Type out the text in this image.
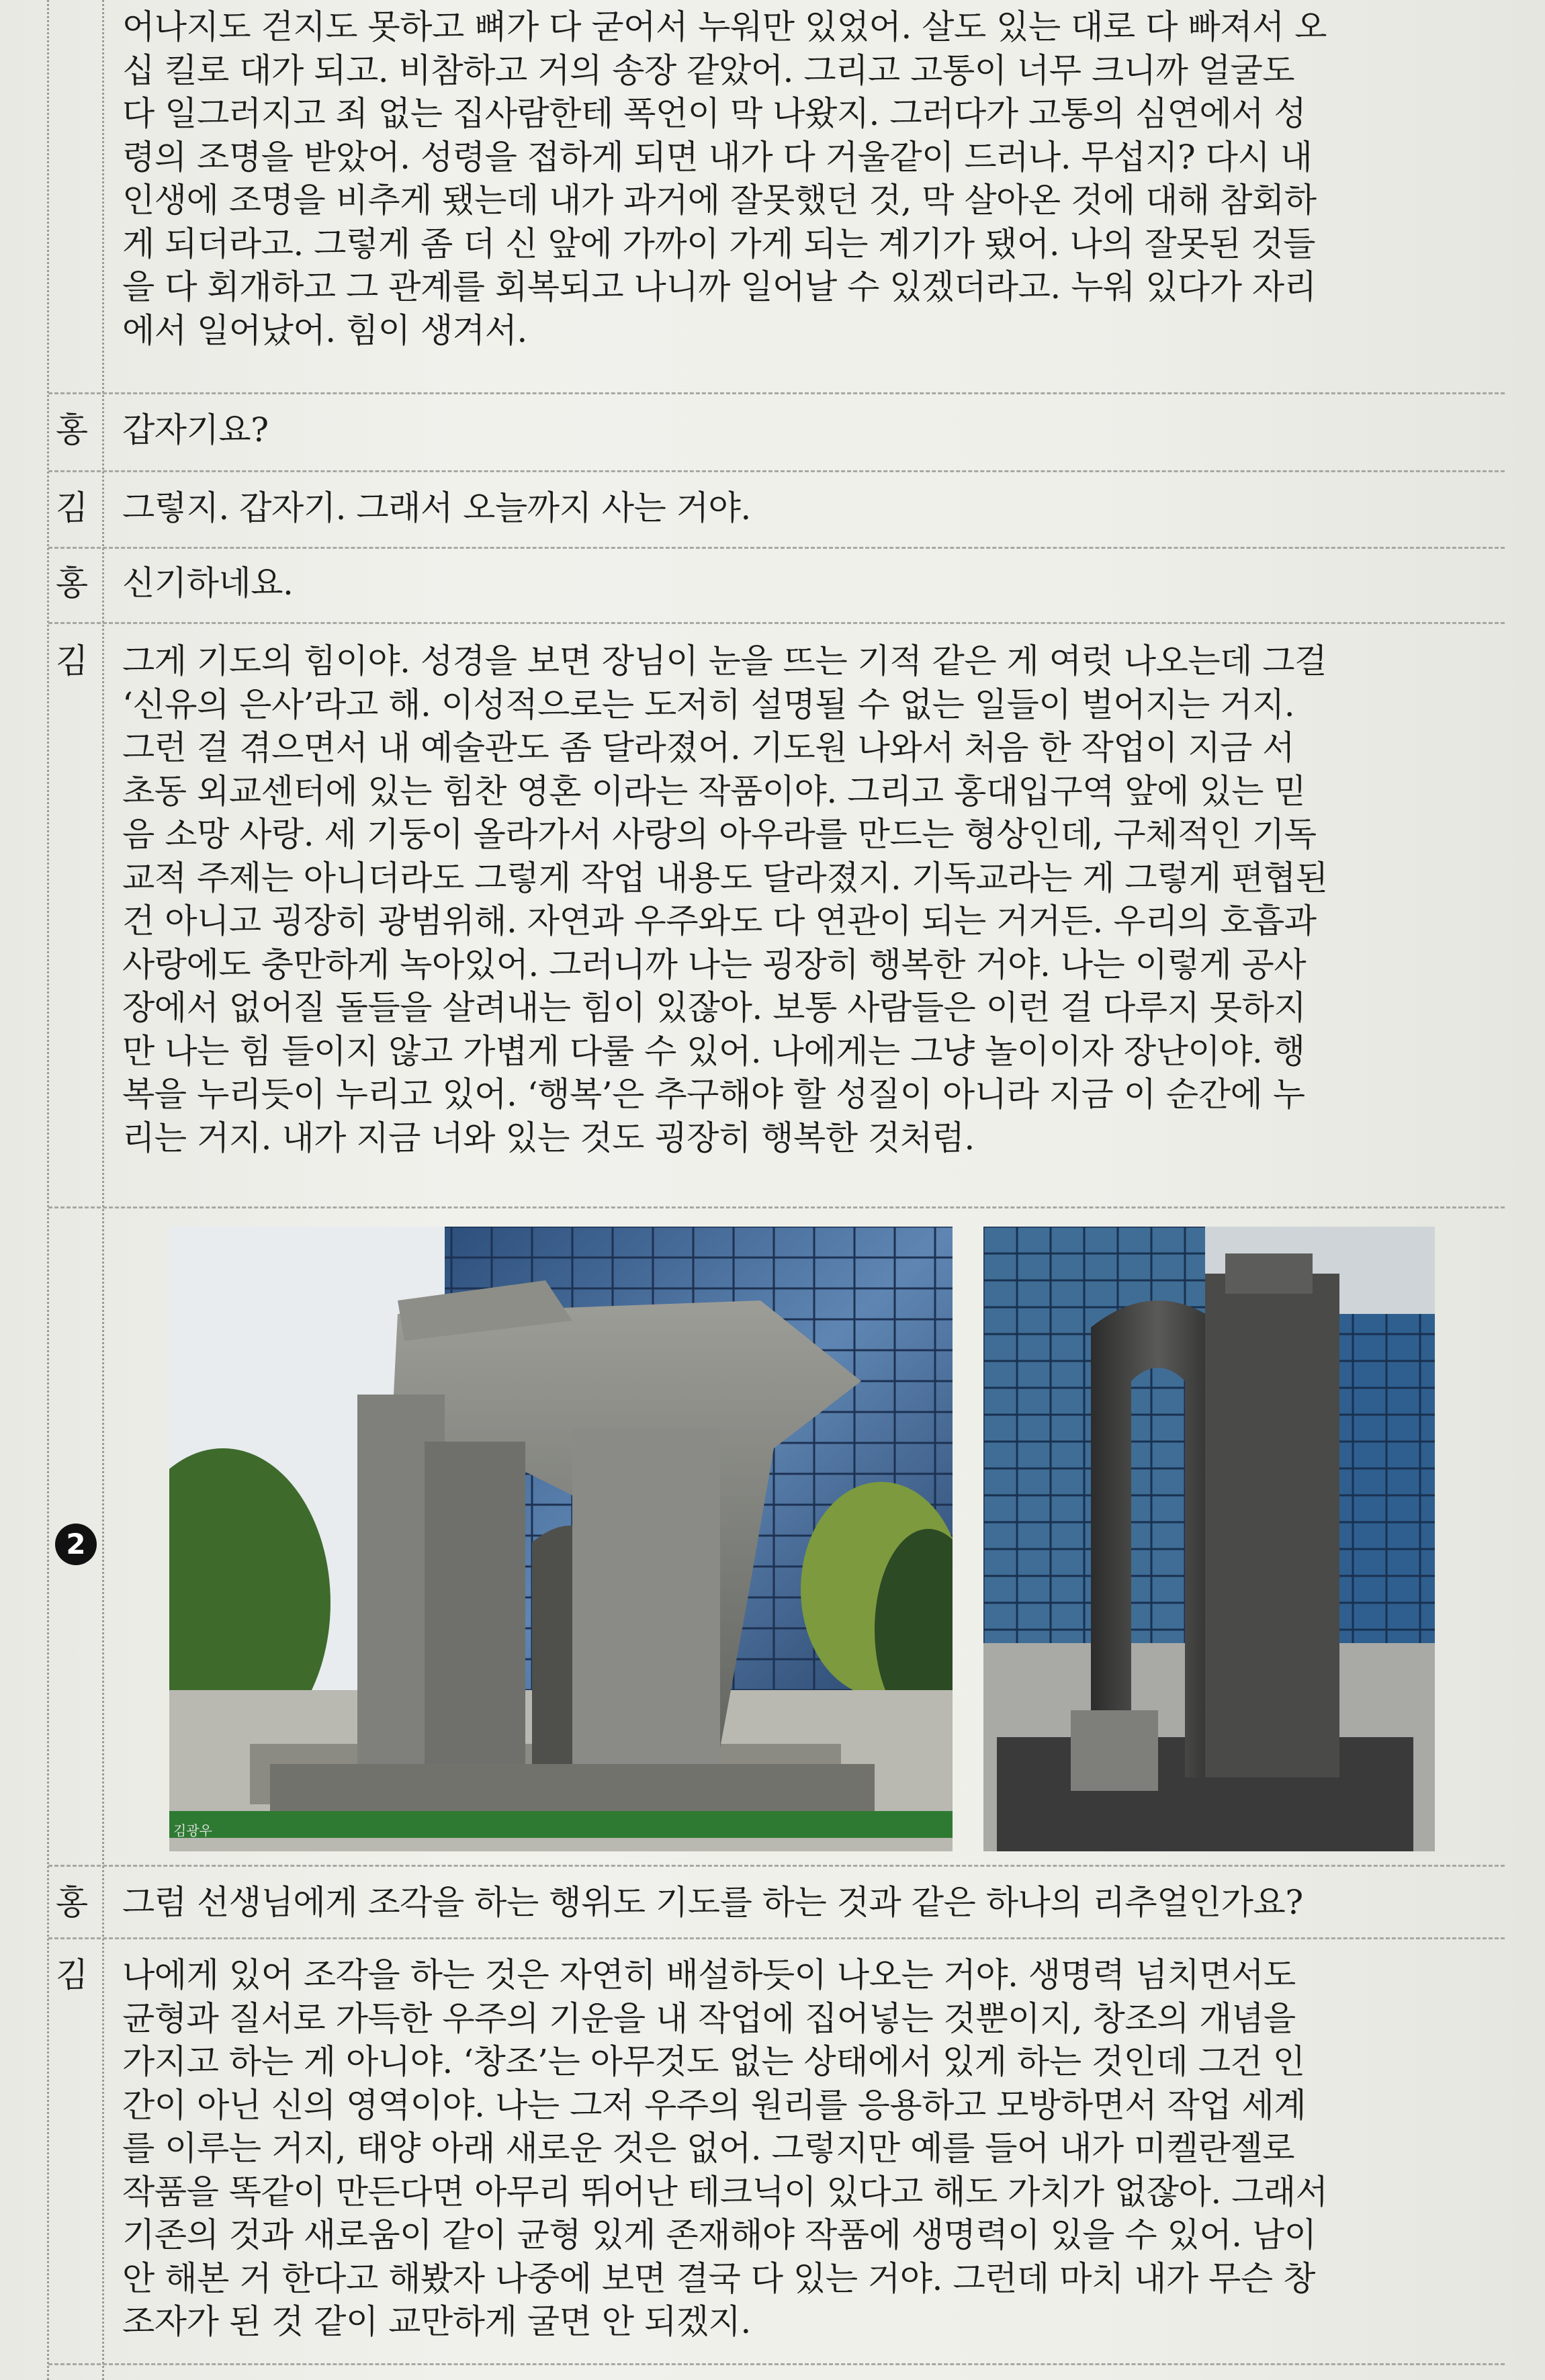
어나지도 걷지도 못하고 뼈가 다 굳어서 누워만 있었어. 살도 있는 대로 다 빠져서 오
십 킬로 대가 되고. 비참하고 거의 송장 같았어. 그리고 고통이 너무 크니까 얼굴도
다 일그러지고 죄 없는 집사람한테 폭언이 막 나왔지. 그러다가 고통의 심연에서 성
령의 조명을 받았어. 성령을 접하게 되면 내가 다 거울같이 드러나. 무섭지? 다시 내
인생에 조명을 비추게 됐는데 내가 과거에 잘못했던 것, 막 살아온 것에 대해 참회하
게 되더라고. 그렇게 좀 더 신 앞에 가까이 가게 되는 계기가 됐어. 나의 잘못된 것들
을 다 회개하고 그 관계를 회복되고 나니까 일어날 수 있겠더라고. 누워 있다가 자리
에서 일어났어. 힘이 생겨서.
홍 갑자기요?
김 그렇지. 갑자기. 그래서 오늘까지 사는 거야.
홍 신기하네요.
김 그게 기도의 힘이야. 성경을 보면 장님이 눈을 뜨는 기적 같은 게 여럿 나오는데 그걸
‘신유의 은사’라고 해. 이성적으로는 도저히 설명될 수 없는 일들이 벌어지는 거지.
그런 걸 겪으면서 내 예술관도 좀 달라졌어. 기도원 나와서 처음 한 작업이 지금 서
초동 외교센터에 있는 힘찬 영혼 이라는 작품이야. 그리고 홍대입구역 앞에 있는 믿
음 소망 사랑. 세 기둥이 올라가서 사랑의 아우라를 만드는 형상인데, 구체적인 기독
교적 주제는 아니더라도 그렇게 작업 내용도 달라졌지. 기독교라는 게 그렇게 편협된
건 아니고 굉장히 광범위해. 자연과 우주와도 다 연관이 되는 거거든. 우리의 호흡과
사랑에도 충만하게 녹아있어. 그러니까 나는 굉장히 행복한 거야. 나는 이렇게 공사
장에서 없어질 돌들을 살려내는 힘이 있잖아. 보통 사람들은 이런 걸 다루지 못하지
만 나는 힘 들이지 않고 가볍게 다룰 수 있어. 나에게는 그냥 놀이이자 장난이야. 행
복을 누리듯이 누리고 있어. ‘행복’은 추구해야 할 성질이 아니라 지금 이 순간에 누
리는 거지. 내가 지금 너와 있는 것도 굉장히 행복한 것처럼.
2
김광우
홍 그럼 선생님에게 조각을 하는 행위도 기도를 하는 것과 같은 하나의 리추얼인가요?
김 나에게 있어 조각을 하는 것은 자연히 배설하듯이 나오는 거야. 생명력 넘치면서도
균형과 질서로 가득한 우주의 기운을 내 작업에 집어넣는 것뿐이지, 창조의 개념을
가지고 하는 게 아니야. ‘창조’는 아무것도 없는 상태에서 있게 하는 것인데 그건 인
간이 아닌 신의 영역이야. 나는 그저 우주의 원리를 응용하고 모방하면서 작업 세계
를 이루는 거지, 태양 아래 새로운 것은 없어. 그렇지만 예를 들어 내가 미켈란젤로
작품을 똑같이 만든다면 아무리 뛰어난 테크닉이 있다고 해도 가치가 없잖아. 그래서
기존의 것과 새로움이 같이 균형 있게 존재해야 작품에 생명력이 있을 수 있어. 남이
안 해본 거 한다고 해봤자 나중에 보면 결국 다 있는 거야. 그런데 마치 내가 무슨 창
조자가 된 것 같이 교만하게 굴면 안 되겠지.
